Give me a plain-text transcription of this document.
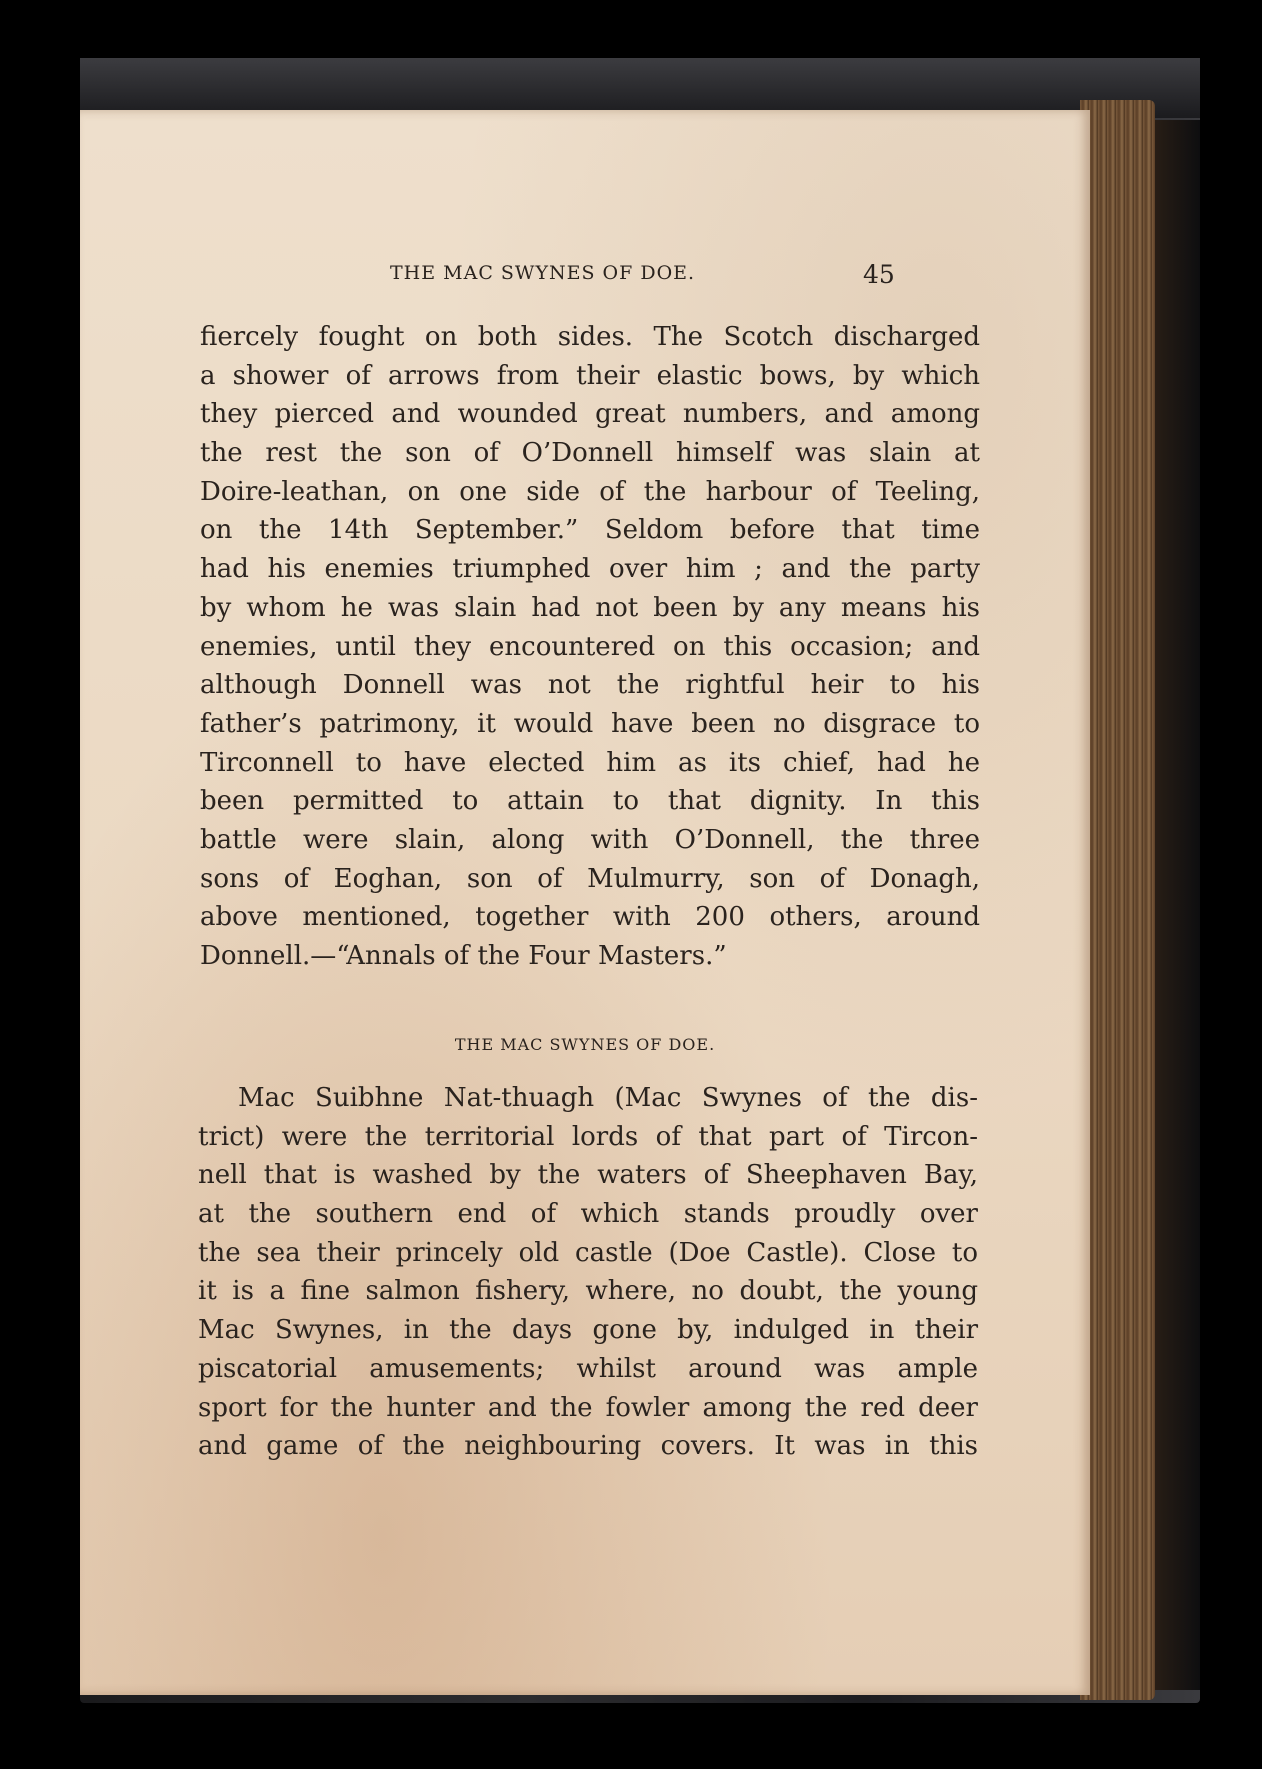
THE MAC SWYNES OF DOE.	45
fiercely fought on both sides. The Scotch discharged
a shower of arrows from their elastic bows, by which
they pierced and wounded great numbers, and among
the rest the son of O’Donnell himself was slain at
Doire-leathan, on one side of the harbour of Teeling,
on the 14th September.” Seldom before that time
had his enemies triumphed over him ; and the party
by whom he was slain had not been by any means his
enemies, until they encountered on this occasion; and
although Donnell was not the rightful heir to his
father’s patrimony, it would have been no disgrace to
Tirconnell to have elected him as its chief, had he
been permitted to attain to that dignity. In this
battle were slain, along with O’Donnell, the three
sons of Eoghan, son of Mulmurry, son of Donagh,
above mentioned, together with 200 others, around
Donnell.—“Annals of the Four Masters.”
THE MAC SWYNES OF DOE.
Mac Suibhne Nat-thuagh (Mac Swynes of the dis-
trict) were the territorial lords of that part of Tircon-
nell that is washed by the waters of Sheephaven Bay,
at the southern end of which stands proudly over
the sea their princely old castle (Doe Castle). Close to
it is a fine salmon fishery, where, no doubt, the young
Mac Swynes, in the days gone by, indulged in their
piscatorial amusements; whilst around was ample
sport for the hunter and the fowler among the red deer
and game of the neighbouring covers. It was in this
